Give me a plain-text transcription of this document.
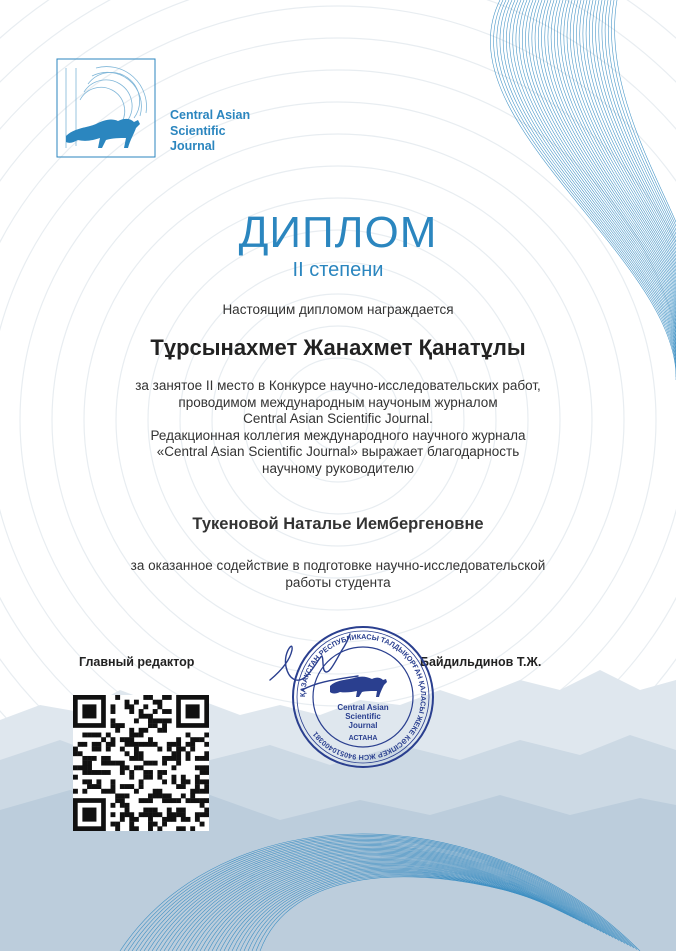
Central Asian
Scientific
Journal
ДИПЛОМ
II степени
Настоящим дипломом награждается
Тұрсынахмет Жанахмет Қанатұлы
за занятое II место в Конкурсе научно-исследовательских работ,
проводимом международным научоным журналом
Central Asian Scientific Journal.
Редакционная коллегия международного научного журнала
«Central Asian Scientific Journal» выражает благодарность
научному руководителю
Тукеновой Наталье Иембергеновне
за оказанное содействие в подготовке научно-исследовательской
работы студента
Главный редактор	Байдильдинов Т.Ж.
ҚАЗАҚСТАН РЕСПУБЛИКАСЫ ТАЛДЫҚОРҒАН ҚАЛАСЫ ЖЕКЕ КӘСІПКЕР ЖСН 940510400381
Central Asian
Scientific
Journal
АСТАНА
